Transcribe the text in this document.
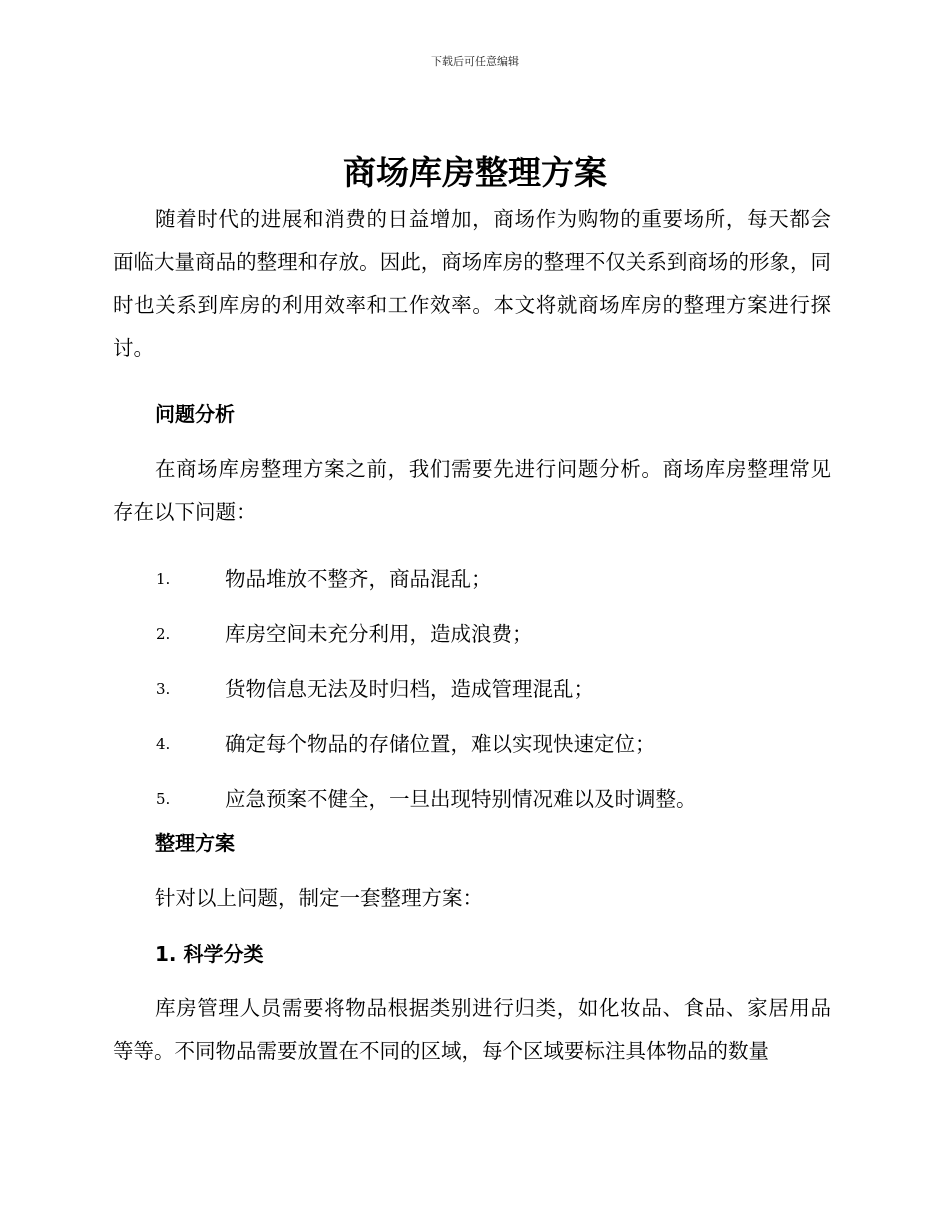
下载后可任意编辑
商场库房整理方案

随着时代的进展和消费的日益增加，商场作为购物的重要场所，每天都会面临大量商品的整理和存放。因此，商场库房的整理不仅关系到商场的形象，同时也关系到库房的利用效率和工作效率。本文将就商场库房的整理方案进行探讨。

问题分析

在商场库房整理方案之前，我们需要先进行问题分析。商场库房整理常见存在以下问题：

1.	物品堆放不整齐，商品混乱；
2.	库房空间未充分利用，造成浪费；
3.	货物信息无法及时归档，造成管理混乱；
4.	确定每个物品的存储位置，难以实现快速定位；
5.	应急预案不健全，一旦出现特别情况难以及时调整。
整理方案

针对以上问题，制定一套整理方案：

1. 科学分类

库房管理人员需要将物品根据类别进行归类，如化妆品、食品、家居用品等等。不同物品需要放置在不同的区域，每个区域要标注具体物品的数量
